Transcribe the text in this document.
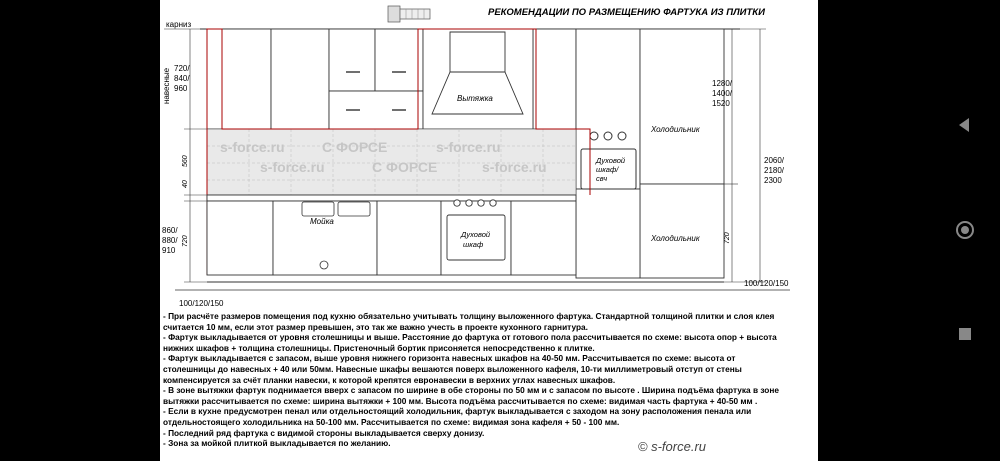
РЕКОМЕНДАЦИИ ПО РАЗМЕЩЕНИЮ ФАРТУКА ИЗ ПЛИТКИ
карниз
Вытяжка
Духовой
шкаф/
свч
Холодильник
Холодильник
s-force.ru	С ФОРСЕ	s-force.ru
s-force.ru	С ФОРСЕ	s-force.ru
Мойка
Духовой
шкаф
навесные 720/
840/
960
860/
880/
910
560
40
720
100/120/150
1280/
1400/
1520
2060/
2180/
2300
720
100/120/150
- При расчёте размеров помещения под кухню обязательно учитывать толщину выложенного фартука. Стандартной толщиной плитки и слоя клея
считается 10 мм, если этот размер превышен, это так же важно учесть в проекте кухонного гарнитура.
- Фартук выкладывается от уровня столешницы и выше. Расстояние до фартука от готового пола рассчитывается по схеме: высота опор + высота
нижних шкафов + толщина столешницы. Пристеночный бортик присоняется непосредственно к плитке.
- Фартук выкладывается с запасом, выше уровня нижнего горизонта навесных шкафов на 40-50 мм. Рассчитывается по схеме: высота от
столешницы до навесных + 40 или 50мм. Навесные шкафы вешаются поверх выложенного кафеля, 10-ти миллиметровый отступ от стены
компенсируется за счёт планки навески, к которой крепятся евронавески в верхних углах навесных шкафов.
- В зоне вытяжки фартук поднимается вверх с запасом по ширине в обе стороны по 50 мм и с запасом по высоте . Ширина подъёма фартука в зоне
вытяжки рассчитывается по схеме: ширина вытяжки + 100 мм. Высота подъёма рассчитывается по схеме: видимая часть фартука + 40-50 мм .
- Если в кухне предусмотрен пенал или отдельностоящий холодильник, фартук выкладывается с заходом на зону расположения пенала или
отдельностоящего холодильника на 50-100 мм. Рассчитывается по схеме: видимая зона кафеля + 50 - 100 мм.
- Последний ряд фартука с видимой стороны выкладывается сверху донизу.
- Зона за мойкой плиткой выкладывается по желанию.	© s-force.ru
